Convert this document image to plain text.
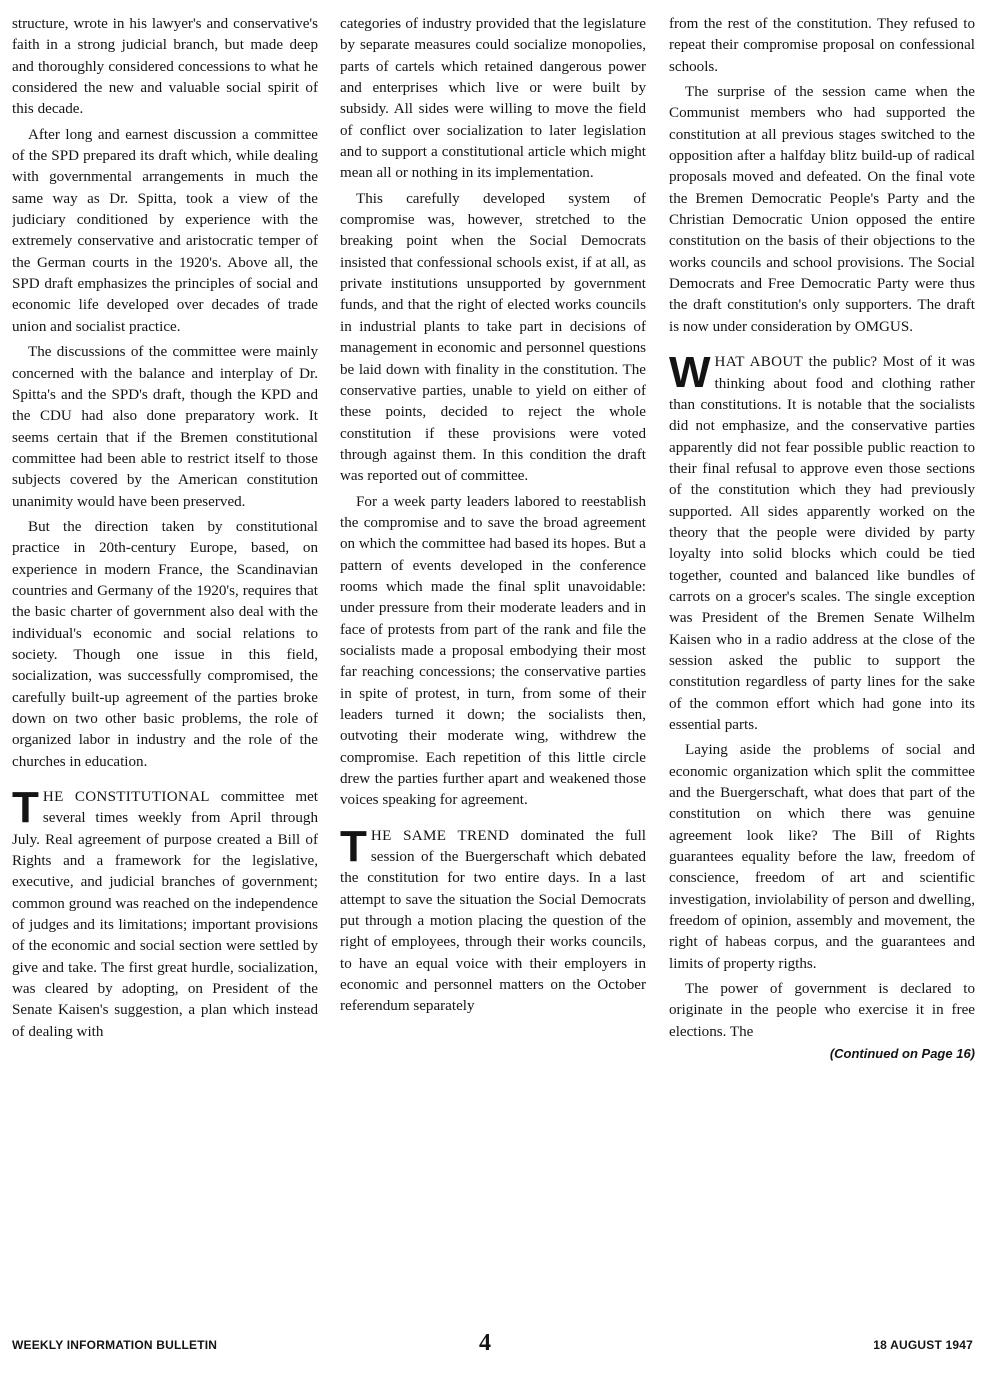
structure, wrote in his lawyer's and conservative's faith in a strong judicial branch, but made deep and thoroughly considered concessions to what he considered the new and valuable social spirit of this decade.

After long and earnest discussion a committee of the SPD prepared its draft which, while dealing with governmental arrangements in much the same way as Dr. Spitta, took a view of the judiciary conditioned by experience with the extremely conservative and aristocratic temper of the German courts in the 1920's. Above all, the SPD draft emphasizes the principles of social and economic life developed over decades of trade union and socialist practice.

The discussions of the committee were mainly concerned with the balance and interplay of Dr. Spitta's and the SPD's draft, though the KPD and the CDU had also done preparatory work. It seems certain that if the Bremen constitutional committee had been able to restrict itself to those subjects covered by the American constitution unanimity would have been preserved.

But the direction taken by constitutional practice in 20th-century Europe, based, on experience in modern France, the Scandinavian countries and Germany of the 1920's, requires that the basic charter of government also deal with the individual's economic and social relations to society. Though one issue in this field, socialization, was successfully compromised, the carefully built-up agreement of the parties broke down on two other basic problems, the role of organized labor in industry and the role of the churches in education.

THE CONSTITUTIONAL committee met several times weekly from April through July. Real agreement of purpose created a Bill of Rights and a framework for the legislative, executive, and judicial branches of government; common ground was reached on the independence of judges and its limitations; important provisions of the economic and social section were settled by give and take. The first great hurdle, socialization, was cleared by adopting, on President of the Senate Kaisen's suggestion, a plan which instead of dealing with

categories of industry provided that the legislature by separate measures could socialize monopolies, parts of cartels which retained dangerous power and enterprises which live or were built by subsidy. All sides were willing to move the field of conflict over socialization to later legislation and to support a constitutional article which might mean all or nothing in its implementation.

This carefully developed system of compromise was, however, stretched to the breaking point when the Social Democrats insisted that confessional schools exist, if at all, as private institutions unsupported by government funds, and that the right of elected works councils in industrial plants to take part in decisions of management in economic and personnel questions be laid down with finality in the constitution. The conservative parties, unable to yield on either of these points, decided to reject the whole constitution if these provisions were voted through against them. In this condition the draft was reported out of committee.

For a week party leaders labored to reestablish the compromise and to save the broad agreement on which the committee had based its hopes. But a pattern of events developed in the conference rooms which made the final split unavoidable: under pressure from their moderate leaders and in face of protests from part of the rank and file the socialists made a proposal embodying their most far reaching concessions; the conservative parties in spite of protest, in turn, from some of their leaders turned it down; the socialists then, outvoting their moderate wing, withdrew the compromise. Each repetition of this little circle drew the parties further apart and weakened those voices speaking for agreement.

THE SAME TREND dominated the full session of the Buergerschaft which debated the constitution for two entire days. In a last attempt to save the situation the Social Democrats put through a motion placing the question of the right of employees, through their works councils, to have an equal voice with their employers in economic and personnel matters on the October referendum separately

from the rest of the constitution. They refused to repeat their compromise proposal on confessional schools.

The surprise of the session came when the Communist members who had supported the constitution at all previous stages switched to the opposition after a halfday blitz build-up of radical proposals moved and defeated. On the final vote the Bremen Democratic People's Party and the Christian Democratic Union opposed the entire constitution on the basis of their objections to the works councils and school provisions. The Social Democrats and Free Democratic Party were thus the draft constitution's only supporters. The draft is now under consideration by OMGUS.

WHAT ABOUT the public? Most of it was thinking about food and clothing rather than constitutions. It is notable that the socialists did not emphasize, and the conservative parties apparently did not fear possible public reaction to their final refusal to approve even those sections of the constitution which they had previously supported. All sides apparently worked on the theory that the people were divided by party loyalty into solid blocks which could be tied together, counted and balanced like bundles of carrots on a grocer's scales. The single exception was President of the Bremen Senate Wilhelm Kaisen who in a radio address at the close of the session asked the public to support the constitution regardless of party lines for the sake of the common effort which had gone into its essential parts.

Laying aside the problems of social and economic organization which split the committee and the Buergerschaft, what does that part of the constitution on which there was genuine agreement look like? The Bill of Rights guarantees equality before the law, freedom of conscience, freedom of art and scientific investigation, inviolability of person and dwelling, freedom of opinion, assembly and movement, the right of habeas corpus, and the guarantees and limits of property rigths.

The power of government is declared to originate in the people who exercise it in free elections. The

(Continued on Page 16)

WEEKLY INFORMATION BULLETIN	4	18 AUGUST 1947
